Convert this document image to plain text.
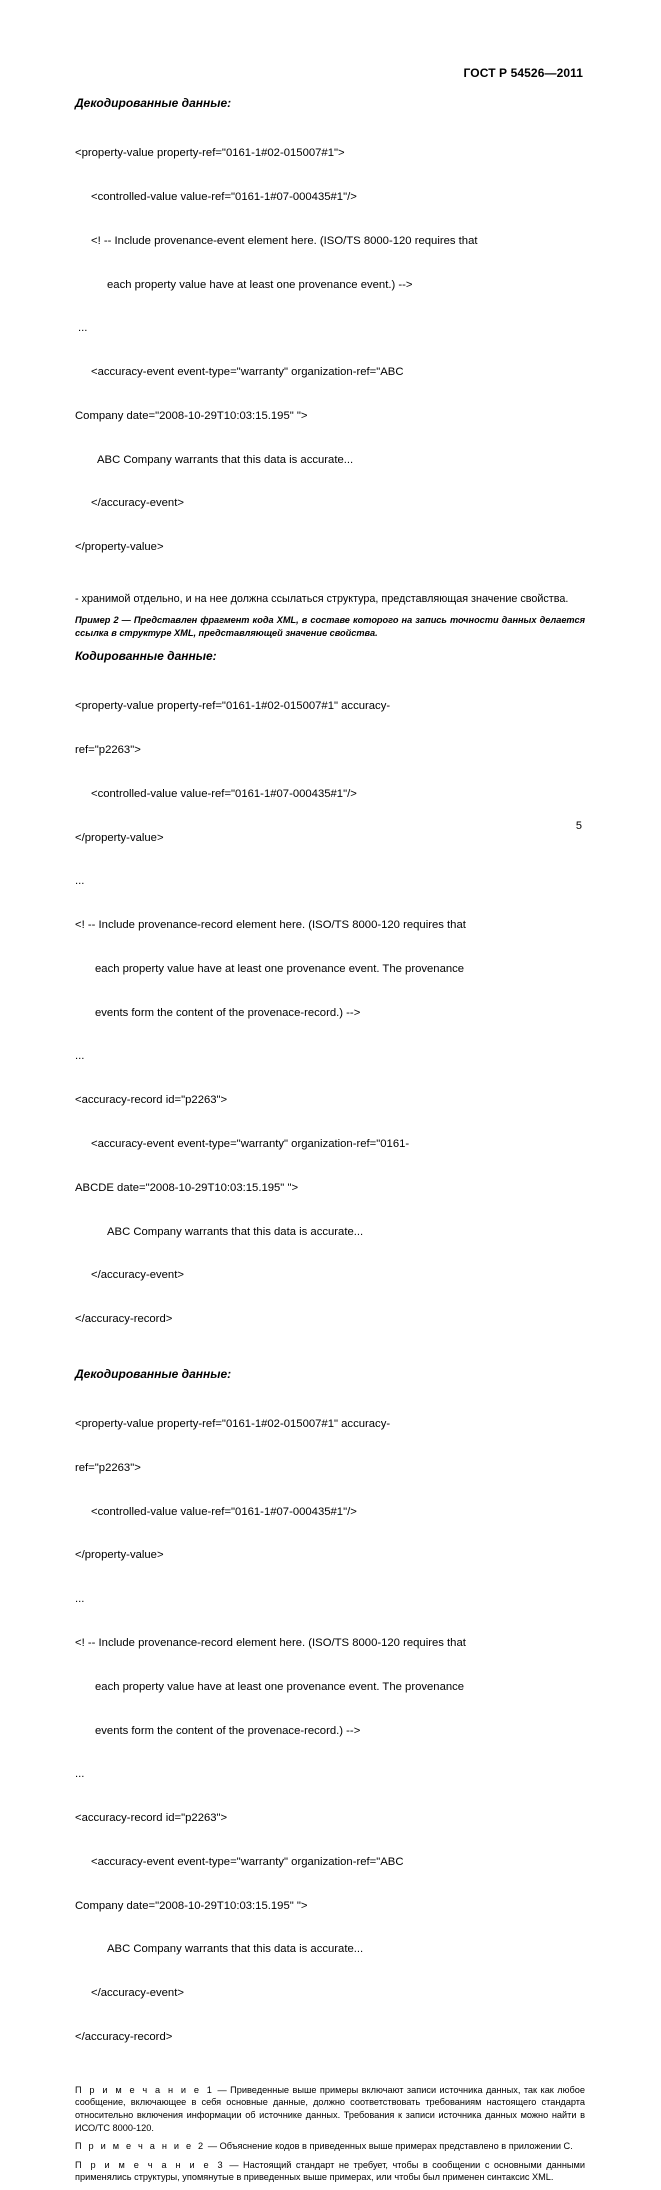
ГОСТ Р 54526—2011
Декодированные данные:

<property-value property-ref="0161-1#02-015007#1">

<controlled-value value-ref="0161-1#07-000435#1"/>

<! -- Include provenance-event element here. (ISO/TS 8000-120 requires that

each property value have at least one provenance event.) -->

...

<accuracy-event event-type="warranty" organization-ref="ABC

Company date="2008-10-29T10:03:15.195" ">

ABC Company warrants that this data is accurate...

</accuracy-event>

</property-value>

- хранимой отдельно, и на нее должна ссылаться структура, представляющая значение свойства.
Пример 2 — Представлен фрагмент кода XML, в составе которого на запись точности данных делается ссылка в структуре XML, представляющей значение свойства.
Кодированные данные:

<property-value property-ref="0161-1#02-015007#1" accuracy-

ref="p2263">

<controlled-value value-ref="0161-1#07-000435#1"/>

</property-value>

...

<! -- Include provenance-record element here. (ISO/TS 8000-120 requires that

each property value have at least one provenance event. The provenance

events form the content of the provenace-record.) -->

...

<accuracy-record id="p2263">

<accuracy-event event-type="warranty" organization-ref="0161-

ABCDE date="2008-10-29T10:03:15.195" ">

ABC Company warrants that this data is accurate...

</accuracy-event>

</accuracy-record>

Декодированные данные:

<property-value property-ref="0161-1#02-015007#1" accuracy-

ref="p2263">

<controlled-value value-ref="0161-1#07-000435#1"/>

</property-value>

...

<! -- Include provenance-record element here. (ISO/TS 8000-120 requires that

each property value have at least one provenance event. The provenance

events form the content of the provenace-record.) -->

...

<accuracy-record id="p2263">

<accuracy-event event-type="warranty" organization-ref="ABC

Company date="2008-10-29T10:03:15.195" ">

ABC Company warrants that this data is accurate...

</accuracy-event>

</accuracy-record>

П р и м е ч а н и е 1 — Приведенные выше примеры включают записи источника данных, так как любое сообщение, включающее в себя основные данные, должно соответствовать требованиям настоящего стандарта относительно включения информации об источнике данных. Требования к записи источника данных можно найти в ИСО/ТС 8000-120.

П р и м е ч а н и е 2 — Объяснение кодов в приведенных выше примерах представлено в приложении С.

П р и м е ч а н и е 3 — Настоящий стандарт не требует, чтобы в сообщении с основными данными применялись структуры, упомянутые в приведенных выше примерах, или чтобы был применен синтаксис XML.

5
